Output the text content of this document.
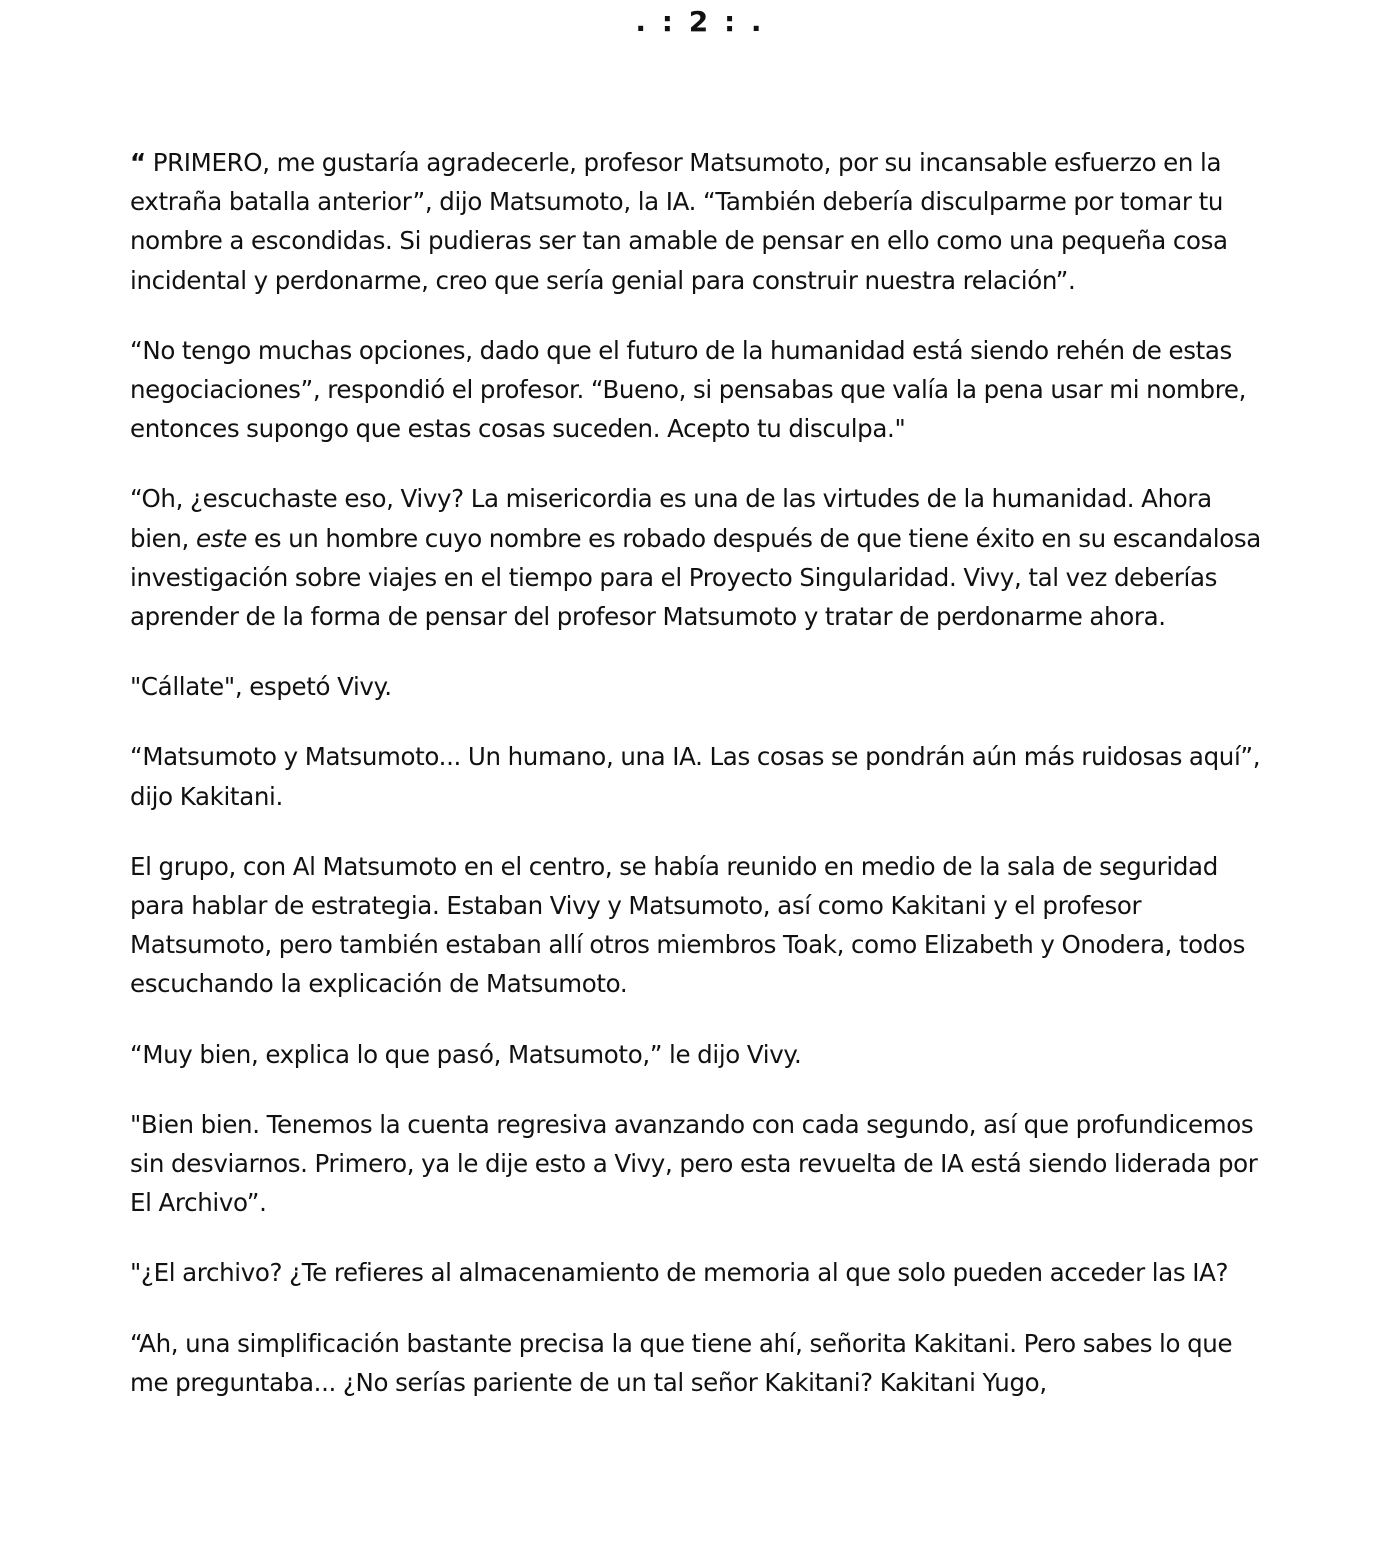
. : 2 : .

“ PRIMERO, me gustaría agradecerle, profesor Matsumoto, por su incansable esfuerzo en la extraña batalla anterior”, dijo Matsumoto, la IA. “También debería disculparme por tomar tu nombre a escondidas. Si pudieras ser tan amable de pensar en ello como una pequeña cosa incidental y perdonarme, creo que sería genial para construir nuestra relación”.

“No tengo muchas opciones, dado que el futuro de la humanidad está siendo rehén de estas negociaciones”, respondió el profesor. “Bueno, si pensabas que valía la pena usar mi nombre, entonces supongo que estas cosas suceden. Acepto tu disculpa."

“Oh, ¿escuchaste eso, Vivy? La misericordia es una de las virtudes de la humanidad. Ahora bien, este es un hombre cuyo nombre es robado después de que tiene éxito en su escandalosa investigación sobre viajes en el tiempo para el Proyecto Singularidad. Vivy, tal vez deberías aprender de la forma de pensar del profesor Matsumoto y tratar de perdonarme ahora.

"Cállate", espetó Vivy.

“Matsumoto y Matsumoto... Un humano, una IA. Las cosas se pondrán aún más ruidosas aquí”, dijo Kakitani.

El grupo, con Al Matsumoto en el centro, se había reunido en medio de la sala de seguridad para hablar de estrategia. Estaban Vivy y Matsumoto, así como Kakitani y el profesor Matsumoto, pero también estaban allí otros miembros Toak, como Elizabeth y Onodera, todos escuchando la explicación de Matsumoto.

“Muy bien, explica lo que pasó, Matsumoto,” le dijo Vivy.

"Bien bien. Tenemos la cuenta regresiva avanzando con cada segundo, así que profundicemos sin desviarnos. Primero, ya le dije esto a Vivy, pero esta revuelta de IA está siendo liderada por El Archivo”.

"¿El archivo? ¿Te refieres al almacenamiento de memoria al que solo pueden acceder las IA?

“Ah, una simplificación bastante precisa la que tiene ahí, señorita Kakitani. Pero sabes lo que me preguntaba... ¿No serías pariente de un tal señor Kakitani? Kakitani Yugo,
